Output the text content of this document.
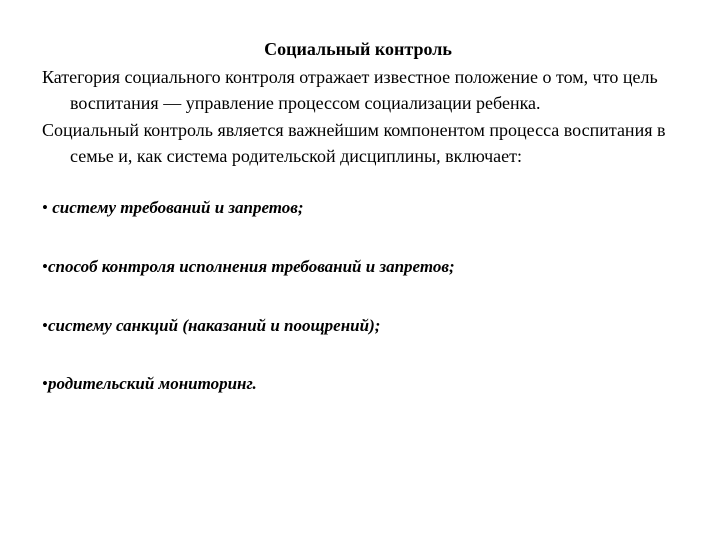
Социальный контроль
Категория социального контроля отражает известное положение о том, что цель воспитания — управление процессом социализации ребенка.
Социальный контроль является важнейшим компонентом процесса воспитания в семье и, как система родительской дисциплины, включает:
• систему требований и запретов;
•способ контроля исполнения требований и запретов;
•систему санкций (наказаний и поощрений);
•родительский мониторинг.
